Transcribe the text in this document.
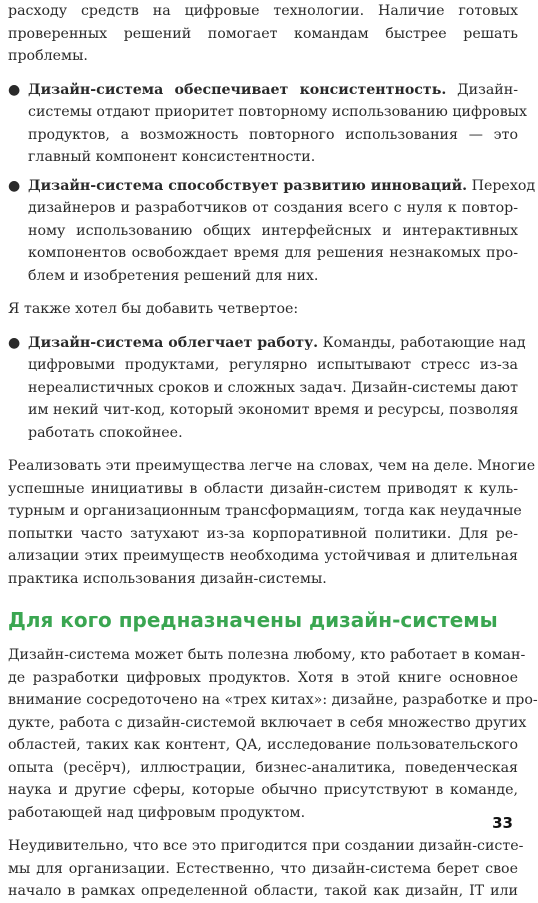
расходу средств на цифровые технологии. Наличие готовых
проверенных решений помогает командам быстрее решать
проблемы.
● Дизайн-система обеспечивает консистентность. Дизайн-
системы отдают приоритет повторному использованию цифровых
продуктов, а возможность повторного использования — это
главный компонент консистентности.
● Дизайн-система способствует развитию инноваций. Переход
дизайнеров и разработчиков от создания всего с нуля к повтор-
ному использованию общих интерфейсных и интерактивных
компонентов освобождает время для решения незнакомых про-
блем и изобретения решений для них.
Я также хотел бы добавить четвертое:
● Дизайн-система облегчает работу. Команды, работающие над
цифровыми продуктами, регулярно испытывают стресс из-за
нереалистичных сроков и сложных задач. Дизайн-системы дают
им некий чит-код, который экономит время и ресурсы, позволяя
работать спокойнее.
Реализовать эти преимущества легче на словах, чем на деле. Многие
успешные инициативы в области дизайн-систем приводят к куль-
турным и организационным трансформациям, тогда как неудачные
попытки часто затухают из-за корпоративной политики. Для ре-
ализации этих преимуществ необходима устойчивая и длительная
практика использования дизайн-системы.
Для кого предназначены дизайн-системы
Дизайн-система может быть полезна любому, кто работает в коман-
де разработки цифровых продуктов. Хотя в этой книге основное
внимание сосредоточено на «трех китах»: дизайне, разработке и про-
дукте, работа с дизайн-системой включает в себя множество других
областей, таких как контент, QA, исследование пользовательского
опыта (ресёрч), иллюстрации, бизнес-аналитика, поведенческая
наука и другие сферы, которые обычно присутствуют в команде,
работающей над цифровым продуктом.
Неудивительно, что все это пригодится при создании дизайн-систе-
мы для организации. Естественно, что дизайн-система берет свое
начало в рамках определенной области, такой как дизайн, IT или
33
